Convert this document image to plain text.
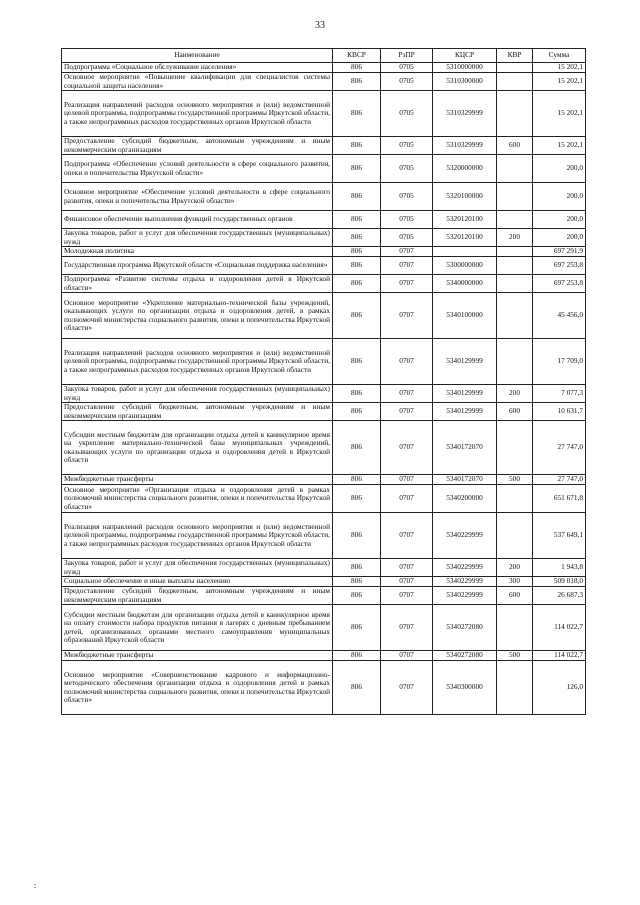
33
Наименование	КВСР	РзПР	КЦСР	КВР	Сумма
Подпрограмма «Социальное обслуживание населения»	806	0705	5310000000		15 202,1
Основное мероприятие «Повышение квалификации для специалистов системы социальной защиты населения»	806	0705	5310300000		15 202,1
Реализация направлений расходов основного мероприятия и (или) ведомственной целевой программы, подпрограммы государственной программы Иркутской области, а также непрограммных расходов государственных органов Иркутской области	806	0705	5310329999		15 202,1
Предоставление субсидий бюджетным, автономным учреждениям и иным некоммерческим организациям	806	0705	5310329999	600	15 202,1
Подпрограмма «Обеспечение условий деятельности в сфере социального развития, опеки и попечительства Иркутской области»	806	0705	5320000000		200,0
Основное мероприятие «Обеспечение условий деятельности в сфере социального развития, опеки и попечительства Иркутской области»	806	0705	5320100000		200,0
Финансовое обеспечение выполнения функций государственных органов	806	0705	5320120100		200,0
Закупка товаров, работ и услуг для обеспечения государственных (муниципальных) нужд	806	0705	5320120100	200	200,0
Молодежная политика	806	0707			697 291,9
Государственная программа Иркутской области «Социальная поддержка населения»	806	0707	5300000000		697 253,8
Подпрограмма «Развитие системы отдыха и оздоровления детей в Иркутской области»	806	0707	5340000000		697 253,8
Основное мероприятие «Укрепление материально-технической базы учреждений, оказывающих услуги по организации отдыха и оздоровления детей, в рамках полномочий министерства социального развития, опеки и попечительства Иркутской области»	806	0707	5340100000		45 456,0
Реализация направлений расходов основного мероприятия и (или) ведомственной целевой программы, подпрограммы государственной программы Иркутской области, а также непрограммных расходов государственных органов Иркутской области	806	0707	5340129999		17 709,0
Закупка товаров, работ и услуг для обеспечения государственных (муниципальных) нужд	806	0707	5340129999	200	7 077,3
Предоставление субсидий бюджетным, автономным учреждениям и иным некоммерческим организациям	806	0707	5340129999	600	10 631,7
Субсидии местным бюджетам для организации отдыха детей в каникулярное время на укрепление материально-технической базы муниципальных учреждений, оказывающих услуги по организации отдыха и оздоровления детей в Иркутской области	806	0707	5340172070		27 747,0
Межбюджетные трансферты	806	0707	5340172070	500	27 747,0
Основное мероприятие «Организация отдыха и оздоровления детей в рамках полномочий министерства социального развития, опеки и попечительства Иркутской области»	806	0707	5340200000		651 671,8
Реализация направлений расходов основного мероприятия и (или) ведомственной целевой программы, подпрограммы государственной программы Иркутской области, а также непрограммных расходов государственных органов Иркутской области	806	0707	5340229999		537 649,1
Закупка товаров, работ и услуг для обеспечения государственных (муниципальных) нужд	806	0707	5340229999	200	1 943,8
Социальное обеспечение и иные выплаты населению	806	0707	5340229999	300	509 018,0
Предоставление субсидий бюджетным, автономным учреждениям и иным некоммерческим организациям	806	0707	5340229999	600	26 687,3
Субсидии местным бюджетам для организации отдыха детей в каникулярное время на оплату стоимости набора продуктов питания в лагерях с дневным пребыванием детей, организованных органами местного самоуправления муниципальных образований Иркутской области	806	0707	5340272080		114 022,7
Межбюджетные трансферты	806	0707	5340272080	500	114 022,7
Основное мероприятие «Совершенствование кадрового и информационно-методического обеспечения организации отдыха и оздоровления детей в рамках полномочий министерства социального развития, опеки и попечительства Иркутской области»	806	0707	5340300000		126,0
